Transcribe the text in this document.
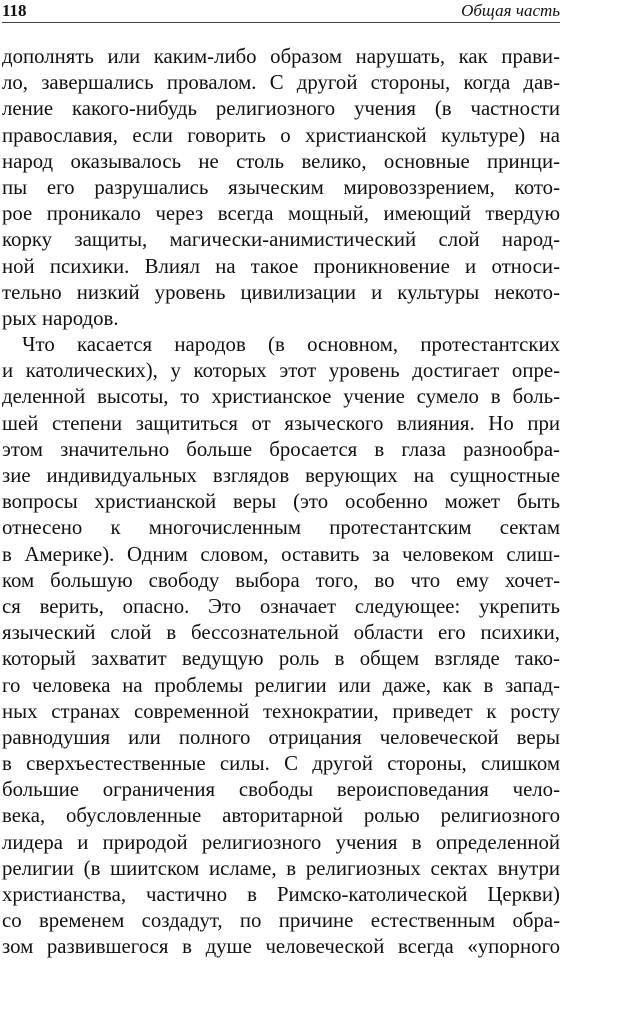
118	Общая часть
дополнять или каким-либо образом нарушать, как прави-
ло, завершались провалом. С другой стороны, когда дав-
ление какого-нибудь религиозного учения (в частности
православия, если говорить о христианской культуре) на
народ оказывалось не столь велико, основные принци-
пы его разрушались языческим мировоззрением, кото-
рое проникало через всегда мощный, имеющий твердую
корку защиты, магически-анимистический слой народ-
ной психики. Влиял на такое проникновение и относи-
тельно низкий уровень цивилизации и культуры некото-
рых народов.
Что касается народов (в основном, протестантских
и католических), у которых этот уровень достигает опре-
деленной высоты, то христианское учение сумело в боль-
шей степени защититься от языческого влияния. Но при
этом значительно больше бросается в глаза разнообра-
зие индивидуальных взглядов верующих на сущностные
вопросы христианской веры (это особенно может быть
отнесено к многочисленным протестантским сектам
в Америке). Одним словом, оставить за человеком слиш-
ком большую свободу выбора того, во что ему хочет-
ся верить, опасно. Это означает следующее: укрепить
языческий слой в бессознательной области его психики,
который захватит ведущую роль в общем взгляде тако-
го человека на проблемы религии или даже, как в запад-
ных странах современной технократии, приведет к росту
равнодушия или полного отрицания человеческой веры
в сверхъестественные силы. С другой стороны, слишком
большие ограничения свободы вероисповедания чело-
века, обусловленные авторитарной ролью религиозного
лидера и природой религиозного учения в определенной
религии (в шиитском исламе, в религиозных сектах внутри
христианства, частично в Римско-католической Церкви)
со временем создадут, по причине естественным обра-
зом развившегося в душе человеческой всегда «упорного
